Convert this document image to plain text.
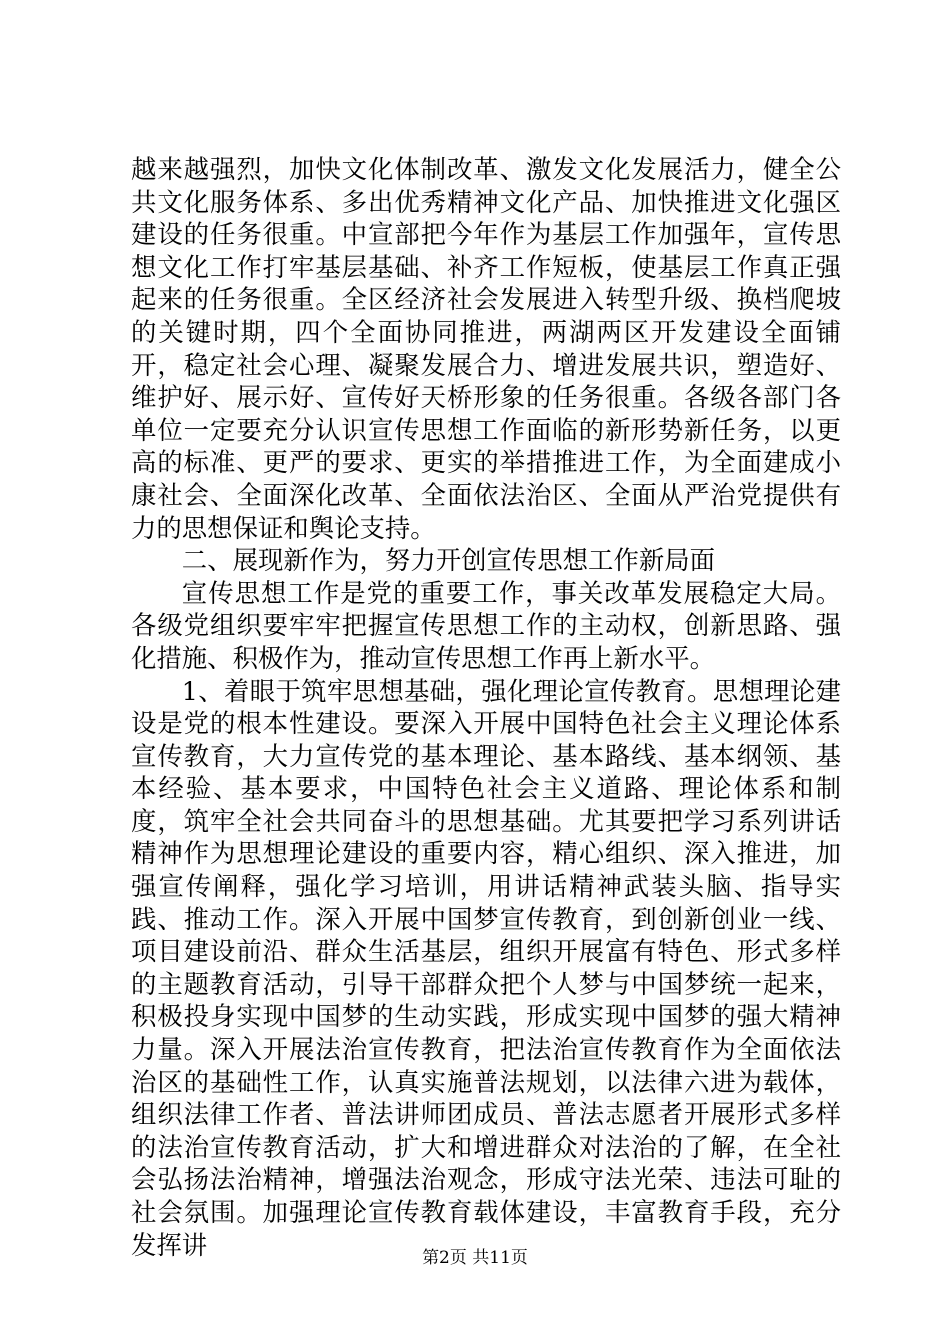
越来越强烈，加快文化体制改革、激发文化发展活力，健全公共文化服务体系、多出优秀精神文化产品、加快推进文化强区建设的任务很重。中宣部把今年作为基层工作加强年，宣传思想文化工作打牢基层基础、补齐工作短板，使基层工作真正强起来的任务很重。全区经济社会发展进入转型升级、换档爬坡的关键时期，四个全面协同推进，两湖两区开发建设全面铺开，稳定社会心理、凝聚发展合力、增进发展共识，塑造好、维护好、展示好、宣传好天桥形象的任务很重。各级各部门各单位一定要充分认识宣传思想工作面临的新形势新任务，以更高的标准、更严的要求、更实的举措推进工作，为全面建成小康社会、全面深化改革、全面依法治区、全面从严治党提供有力的思想保证和舆论支持。

二、展现新作为，努力开创宣传思想工作新局面

宣传思想工作是党的重要工作，事关改革发展稳定大局。各级党组织要牢牢把握宣传思想工作的主动权，创新思路、强化措施、积极作为，推动宣传思想工作再上新水平。

1、着眼于筑牢思想基础，强化理论宣传教育。思想理论建设是党的根本性建设。要深入开展中国特色社会主义理论体系宣传教育，大力宣传党的基本理论、基本路线、基本纲领、基本经验、基本要求，中国特色社会主义道路、理论体系和制度，筑牢全社会共同奋斗的思想基础。尤其要把学习系列讲话精神作为思想理论建设的重要内容，精心组织、深入推进，加强宣传阐释，强化学习培训，用讲话精神武装头脑、指导实践、推动工作。深入开展中国梦宣传教育，到创新创业一线、项目建设前沿、群众生活基层，组织开展富有特色、形式多样的主题教育活动，引导干部群众把个人梦与中国梦统一起来，积极投身实现中国梦的生动实践，形成实现中国梦的强大精神力量。深入开展法治宣传教育，把法治宣传教育作为全面依法治区的基础性工作，认真实施普法规划，以法律六进为载体，组织法律工作者、普法讲师团成员、普法志愿者开展形式多样的法治宣传教育活动，扩大和增进群众对法治的了解，在全社会弘扬法治精神，增强法治观念，形成守法光荣、违法可耻的社会氛围。加强理论宣传教育载体建设，丰富教育手段，充分发挥讲	第2页 共11页
